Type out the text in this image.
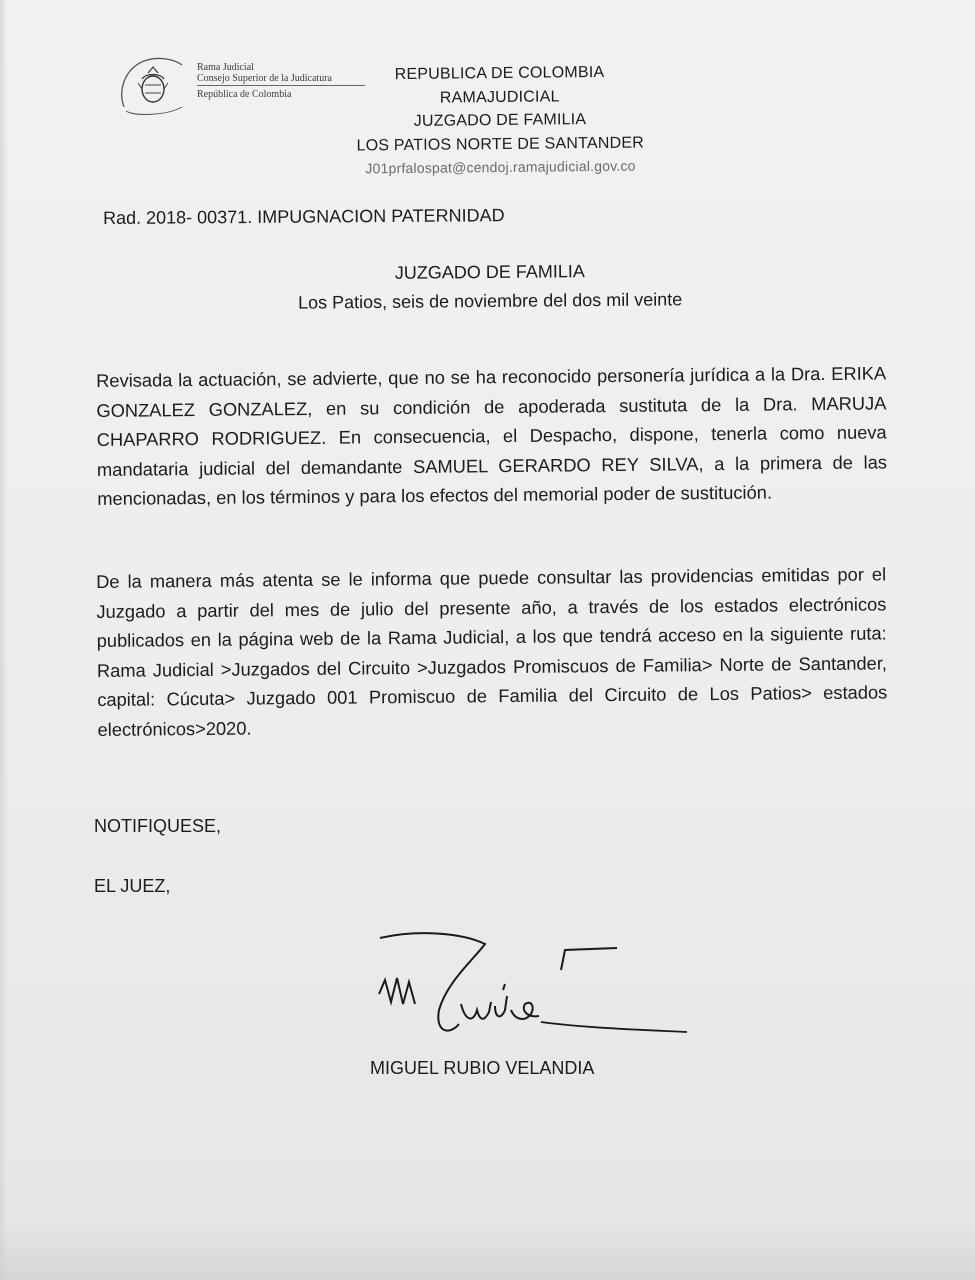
Rama Judicial
Consejo Superior de la Judicatura
República de Colombia
REPUBLICA DE COLOMBIA
RAMAJUDICIAL
JUZGADO DE FAMILIA
LOS PATIOS NORTE DE SANTANDER
J01prfalospat@cendoj.ramajudicial.gov.co
Rad. 2018- 00371. IMPUGNACION PATERNIDAD
JUZGADO DE FAMILIA
Los Patios, seis de noviembre del dos mil veinte
Revisada la actuación, se advierte, que no se ha reconocido personería jurídica a la Dra. ERIKA GONZALEZ GONZALEZ, en su condición de apoderada sustituta de la Dra. MARUJA CHAPARRO RODRIGUEZ. En consecuencia, el Despacho, dispone, tenerla como nueva mandataria judicial del demandante SAMUEL GERARDO REY SILVA, a la primera de las mencionadas, en los términos y para los efectos del memorial poder de sustitución.
De la manera más atenta se le informa que puede consultar las providencias emitidas por el Juzgado a partir del mes de julio del presente año, a través de los estados electrónicos publicados en la página web de la Rama Judicial, a los que tendrá acceso en la siguiente ruta: Rama Judicial >Juzgados del Circuito >Juzgados Promiscuos de Familia> Norte de Santander, capital: Cúcuta> Juzgado 001 Promiscuo de Familia del Circuito de Los Patios> estados electrónicos>2020.
NOTIFIQUESE,
EL JUEZ,
MIGUEL RUBIO VELANDIA
